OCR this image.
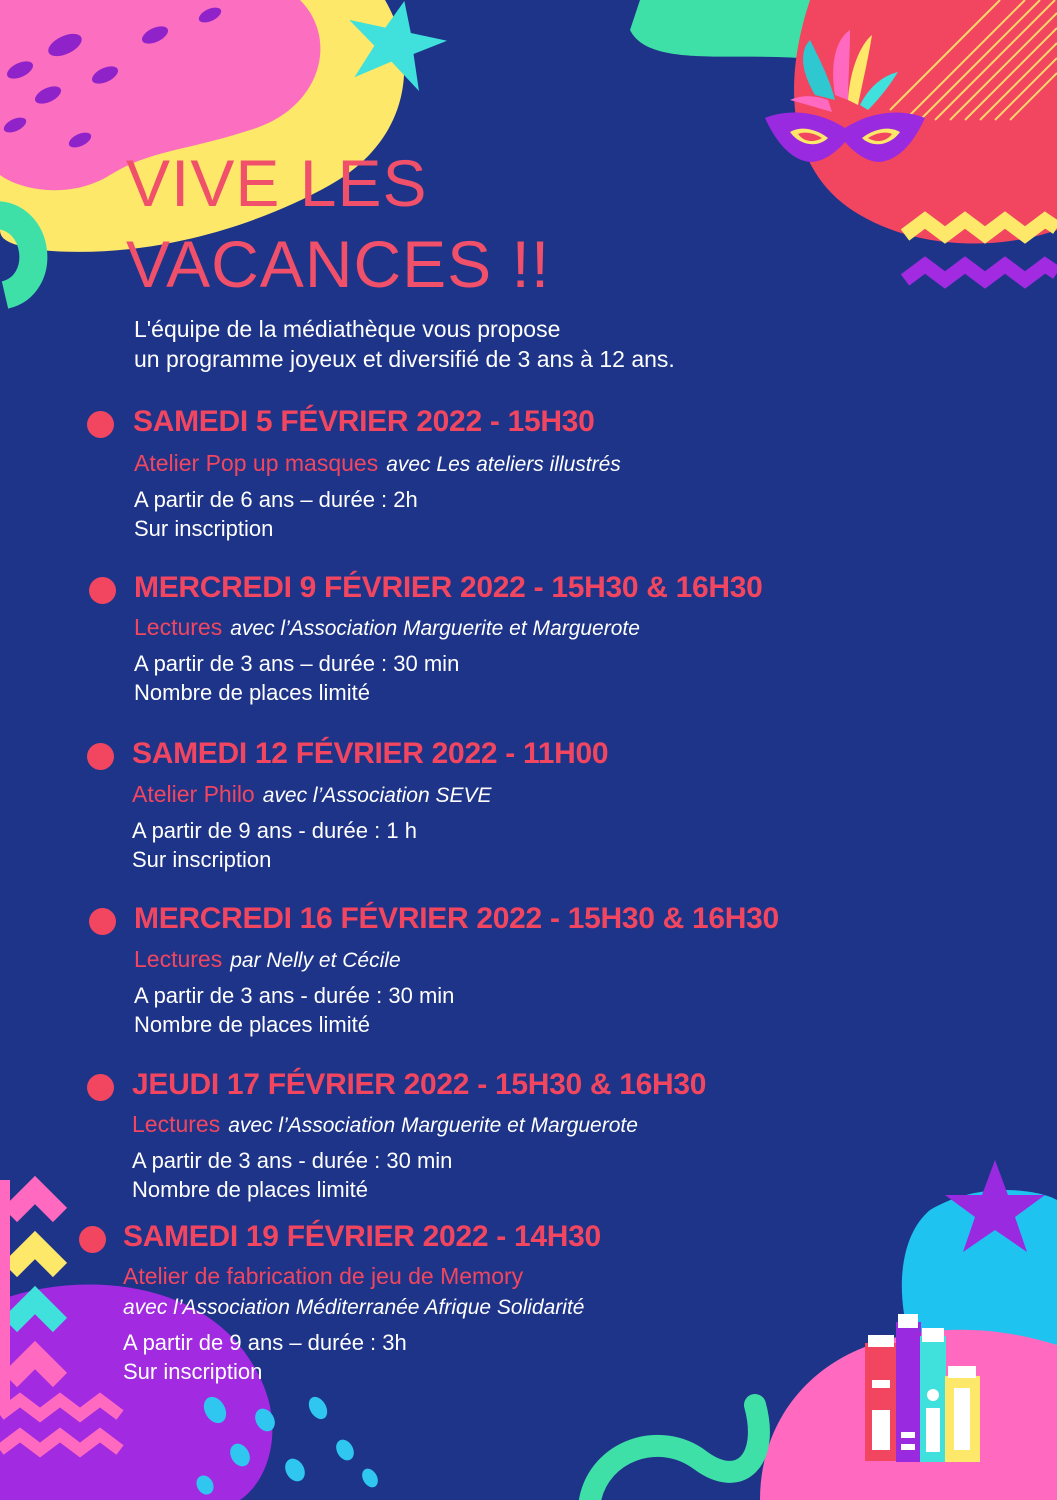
VIVE LES
VACANCES !!
L'équipe de la médiathèque vous propose
un programme joyeux et diversifié de 3 ans à 12 ans.
SAMEDI 5 FÉVRIER 2022 - 15H30
Atelier Pop up masques avec Les ateliers illustrés
A partir de 6 ans – durée : 2h
Sur inscription
MERCREDI 9 FÉVRIER 2022 - 15H30 & 16H30
Lectures avec l’Association Marguerite et Marguerote
A partir de 3 ans – durée : 30 min
Nombre de places limité
SAMEDI 12 FÉVRIER 2022 - 11H00
Atelier Philo avec l’Association SEVE
A partir de 9 ans - durée : 1 h
Sur inscription
MERCREDI 16 FÉVRIER 2022 - 15H30 & 16H30
Lectures par Nelly et Cécile
A partir de 3 ans - durée : 30 min
Nombre de places limité
JEUDI 17 FÉVRIER 2022 - 15H30 & 16H30
Lectures avec l’Association Marguerite et Marguerote
A partir de 3 ans - durée : 30 min
Nombre de places limité
SAMEDI 19 FÉVRIER 2022 - 14H30
Atelier de fabrication de jeu de Memory
avec l’Association Méditerranée Afrique Solidarité
A partir de 9 ans – durée : 3h
Sur inscription
